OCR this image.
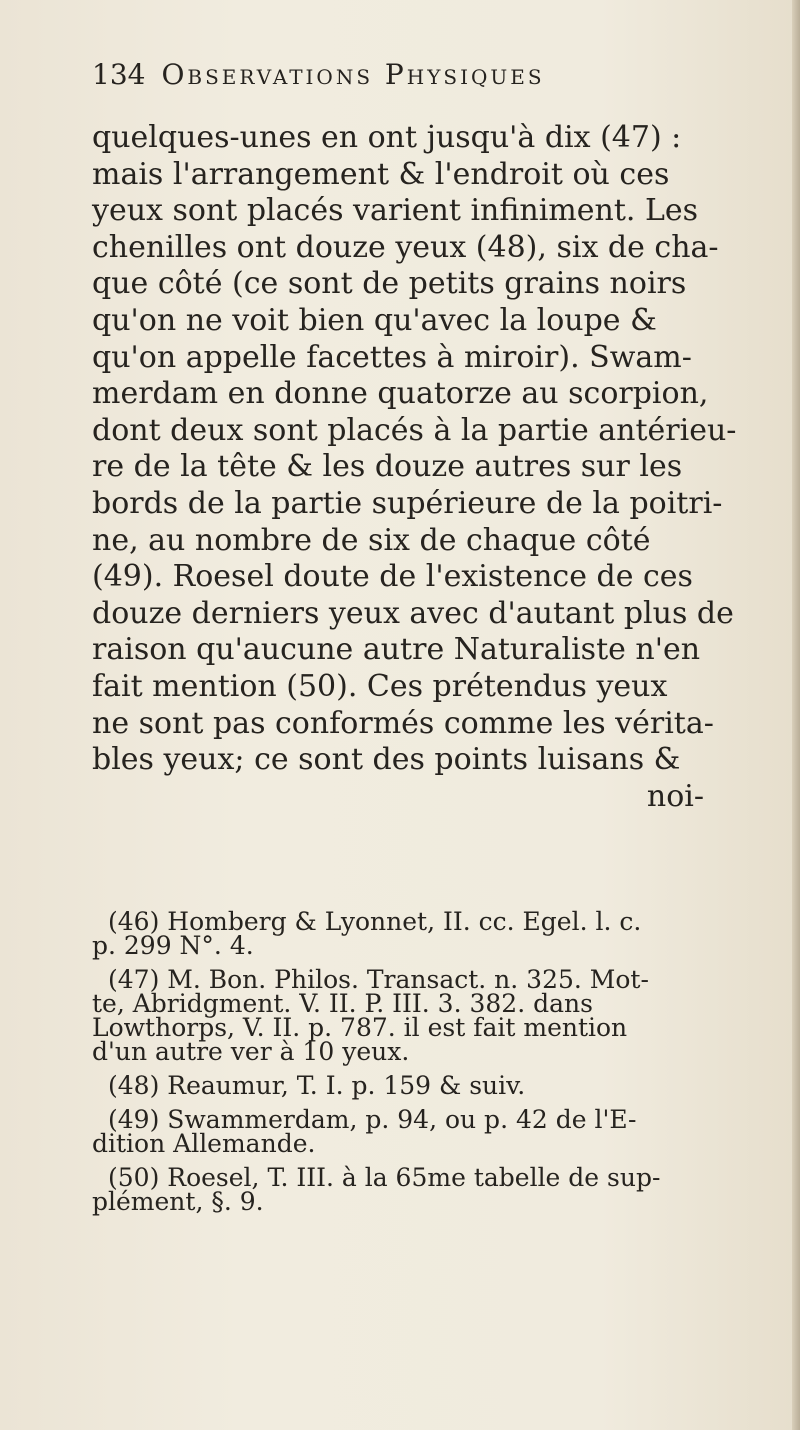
134 Observations Physiques
quelques-unes en ont jusqu'à dix (47) :
mais l'arrangement & l'endroit où ces
yeux sont placés varient infiniment. Les
chenilles ont douze yeux (48), six de cha-
que côté (ce sont de petits grains noirs
qu'on ne voit bien qu'avec la loupe &
qu'on appelle facettes à miroir). Swam-
merdam en donne quatorze au scorpion,
dont deux sont placés à la partie antérieu-
re de la tête & les douze autres sur les
bords de la partie supérieure de la poitri-
ne, au nombre de six de chaque côté
(49). Roesel doute de l'existence de ces
douze derniers yeux avec d'autant plus de
raison qu'aucune autre Naturaliste n'en
fait mention (50). Ces prétendus yeux
ne sont pas conformés comme les vérita-
bles yeux; ce sont des points luisans &
noi-
(46) Homberg & Lyonnet, II. cc. Egel. l. c.
p. 299 N°. 4.
(47) M. Bon. Philos. Transact. n. 325. Mot-
te, Abridgment. V. II. P. III. 3. 382. dans
Lowthorps, V. II. p. 787. il est fait mention
d'un autre ver à 10 yeux.
(48) Reaumur, T. I. p. 159 & suiv.
(49) Swammerdam, p. 94, ou p. 42 de l'E-
dition Allemande.
(50) Roesel, T. III. à la 65me tabelle de sup-
plément, §. 9.
